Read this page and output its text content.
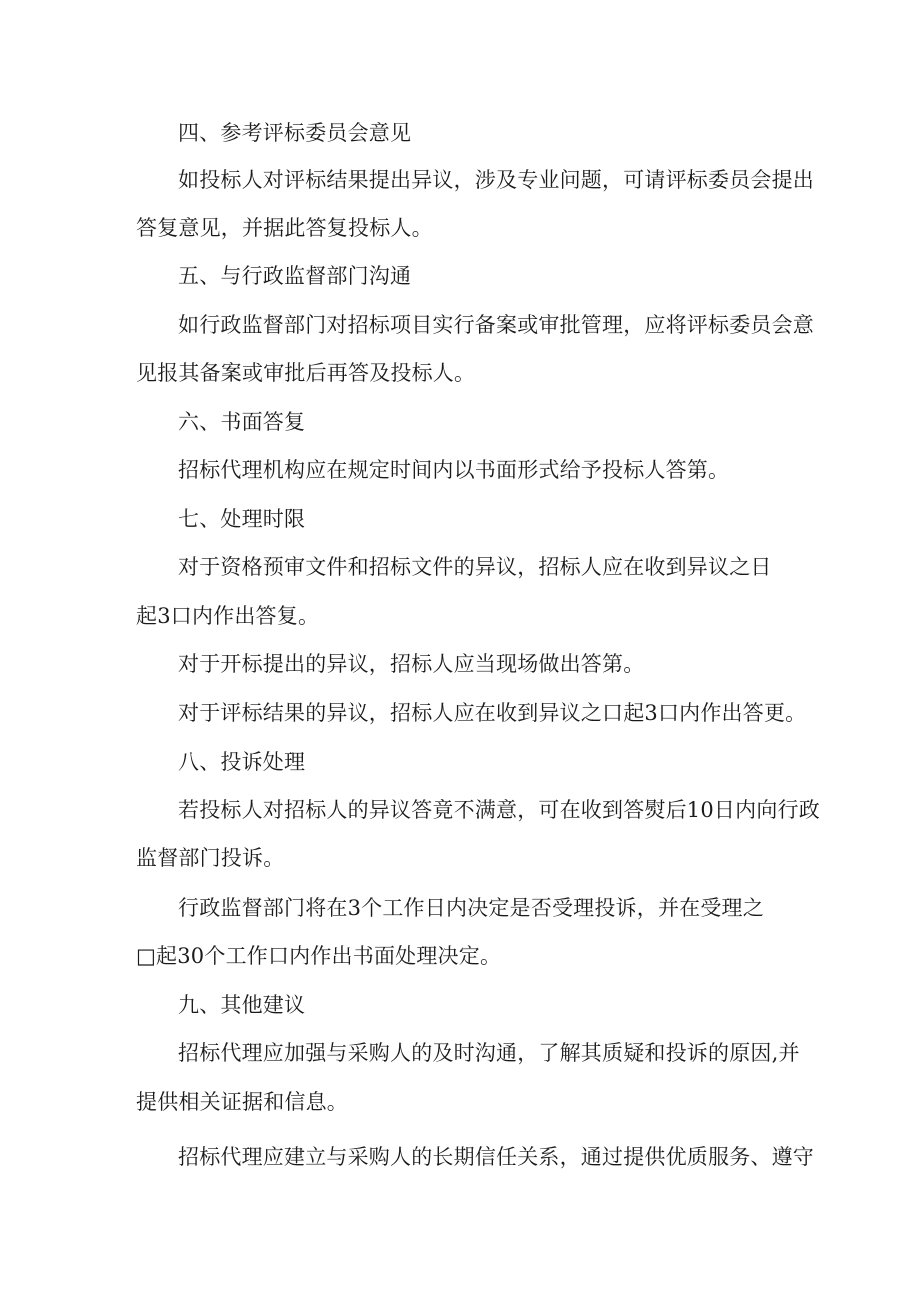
四、参考评标委员会意见
如投标人对评标结果提出异议，涉及专业问题，可请评标委员会提出
答复意见，并据此答复投标人。
五、与行政监督部门沟通
如行政监督部门对招标项目实行备案或审批管理，应将评标委员会意
见报其备案或审批后再答及投标人。
六、书面答复
招标代理机构应在规定时间内以书面形式给予投标人答第。
七、处理时限
对于资格预审文件和招标文件的异议，招标人应在收到异议之日
起3口内作出答复。
对于开标提出的异议，招标人应当现场做出答第。
对于评标结果的异议，招标人应在收到异议之口起3口内作出答更。
八、投诉处理
若投标人对招标人的异议答竟不满意，可在收到答熨后10日内向行政
监督部门投诉。
行政监督部门将在3个工作日内决定是否受理投诉，并在受理之
□起30个工作口内作出书面处理决定。
九、其他建议
招标代理应加强与采购人的及时沟通，了解其质疑和投诉的原因,并
提供相关证据和信息。
招标代理应建立与采购人的长期信任关系，通过提供优质服务、遵守
